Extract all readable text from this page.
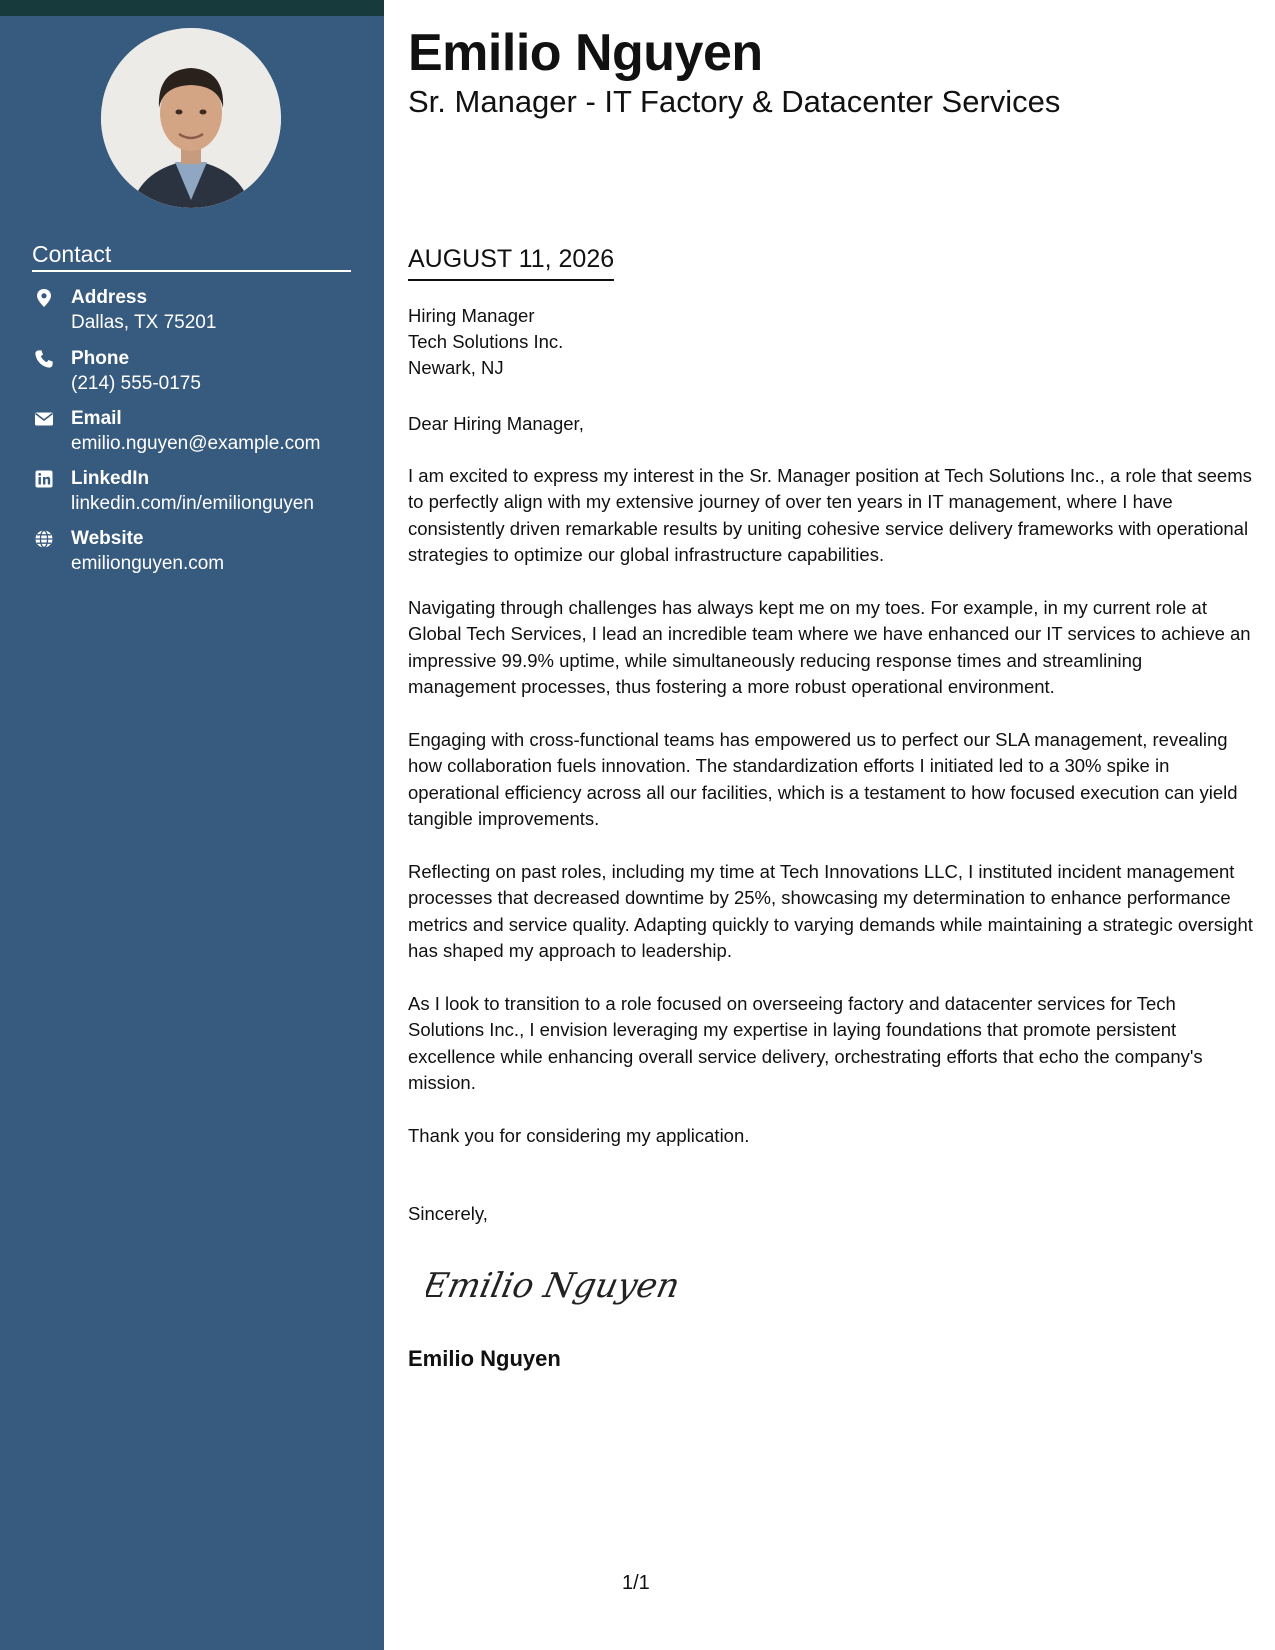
Contact
Address
Dallas, TX 75201
Phone
(214) 555-0175
Email
emilio.nguyen@example.com
LinkedIn
linkedin.com/in/emilionguyen
Website
emilionguyen.com
Emilio Nguyen
Sr. Manager - IT Factory & Datacenter Services
AUGUST 11, 2026
Hiring Manager
Tech Solutions Inc.
Newark, NJ
Dear Hiring Manager,

I am excited to express my interest in the Sr. Manager position at Tech Solutions Inc., a role that seems to perfectly align with my extensive journey of over ten years in IT management, where I have consistently driven remarkable results by uniting cohesive service delivery frameworks with operational strategies to optimize our global infrastructure capabilities.

Navigating through challenges has always kept me on my toes. For example, in my current role at Global Tech Services, I lead an incredible team where we have enhanced our IT services to achieve an impressive 99.9% uptime, while simultaneously reducing response times and streamlining management processes, thus fostering a more robust operational environment.

Engaging with cross-functional teams has empowered us to perfect our SLA management, revealing how collaboration fuels innovation. The standardization efforts I initiated led to a 30% spike in operational efficiency across all our facilities, which is a testament to how focused execution can yield tangible improvements.

Reflecting on past roles, including my time at Tech Innovations LLC, I instituted incident management processes that decreased downtime by 25%, showcasing my determination to enhance performance metrics and service quality. Adapting quickly to varying demands while maintaining a strategic oversight has shaped my approach to leadership.

As I look to transition to a role focused on overseeing factory and datacenter services for Tech Solutions Inc., I envision leveraging my expertise in laying foundations that promote persistent excellence while enhancing overall service delivery, orchestrating efforts that echo the company's mission.

Thank you for considering my application.

Sincerely,
Emilio Nguyen
Emilio Nguyen
1/1
